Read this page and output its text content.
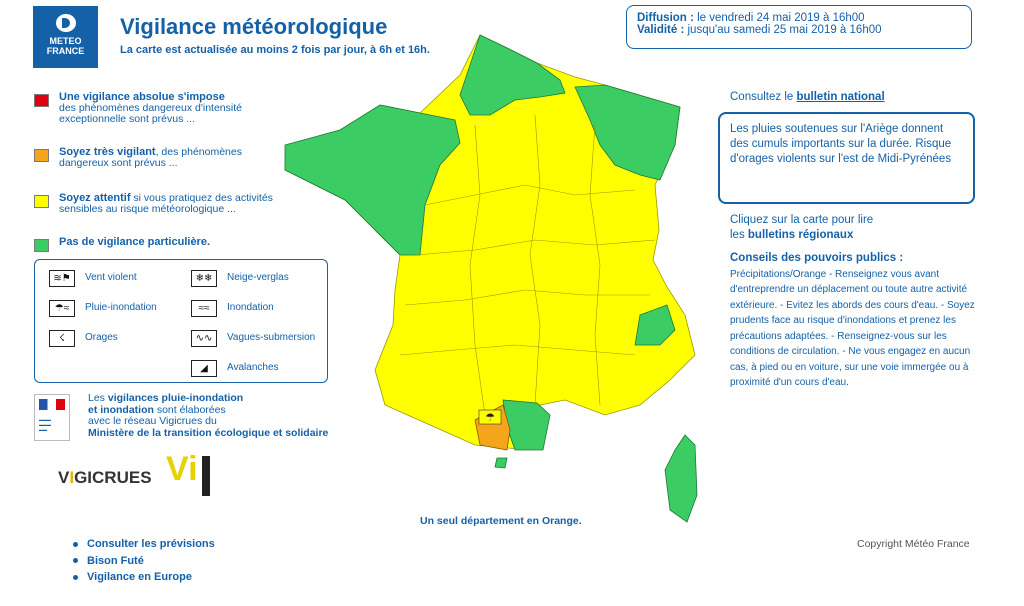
METEO
FRANCE
Vigilance météorologique
La carte est actualisée au moins 2 fois par jour, à 6h et 16h.
Diffusion : le vendredi 24 mai 2019 à 16h00
Validité : jusqu'au samedi 25 mai 2019 à 16h00
Une vigilance absolue s'impose
des phénomènes dangereux d'intensité exceptionnelle sont prévus ...
Soyez très vigilant, des phénomènes dangereux sont prévus ...
Soyez attentif si vous pratiquez des activités sensibles au risque météorologique ...
Pas de vigilance particulière.
≋⚑	Vent violent	❄❄	Neige-verglas
☂≈	Pluie-inondation	≈≈	Inondation
☇	Orages	∿∿	Vagues-submersion
◢	Avalanches
▬▬▬
▬▬▬
▬▬
Les vigilances pluie-inondation
et inondation sont élaborées
avec le réseau Vigicrues du
Ministère de la transition écologique et solidaire
VIGICRUES Vi
Consulter les prévisions
Bison Futé
Vigilance en Europe
Consultez le bulletin national
Les pluies soutenues sur l'Ariège donnent des cumuls importants sur la durée. Risque d'orages violents sur l'est de Midi-Pyrénées
Cliquez sur la carte pour lire
les bulletins régionaux
Conseils des pouvoirs publics :
Précipitations/Orange - Renseignez vous avant d'entreprendre un déplacement ou toute autre activité extérieure. - Evitez les abords des cours d'eau. - Soyez prudents face au risque d'inondations et prenez les précautions adaptées. - Renseignez-vous sur les conditions de circulation. - Ne vous engagez en aucun cas, à pied ou en voiture, sur une voie immergée ou à proximité d'un cours d'eau.
☂
Un seul département en Orange.
Copyright Météo France
